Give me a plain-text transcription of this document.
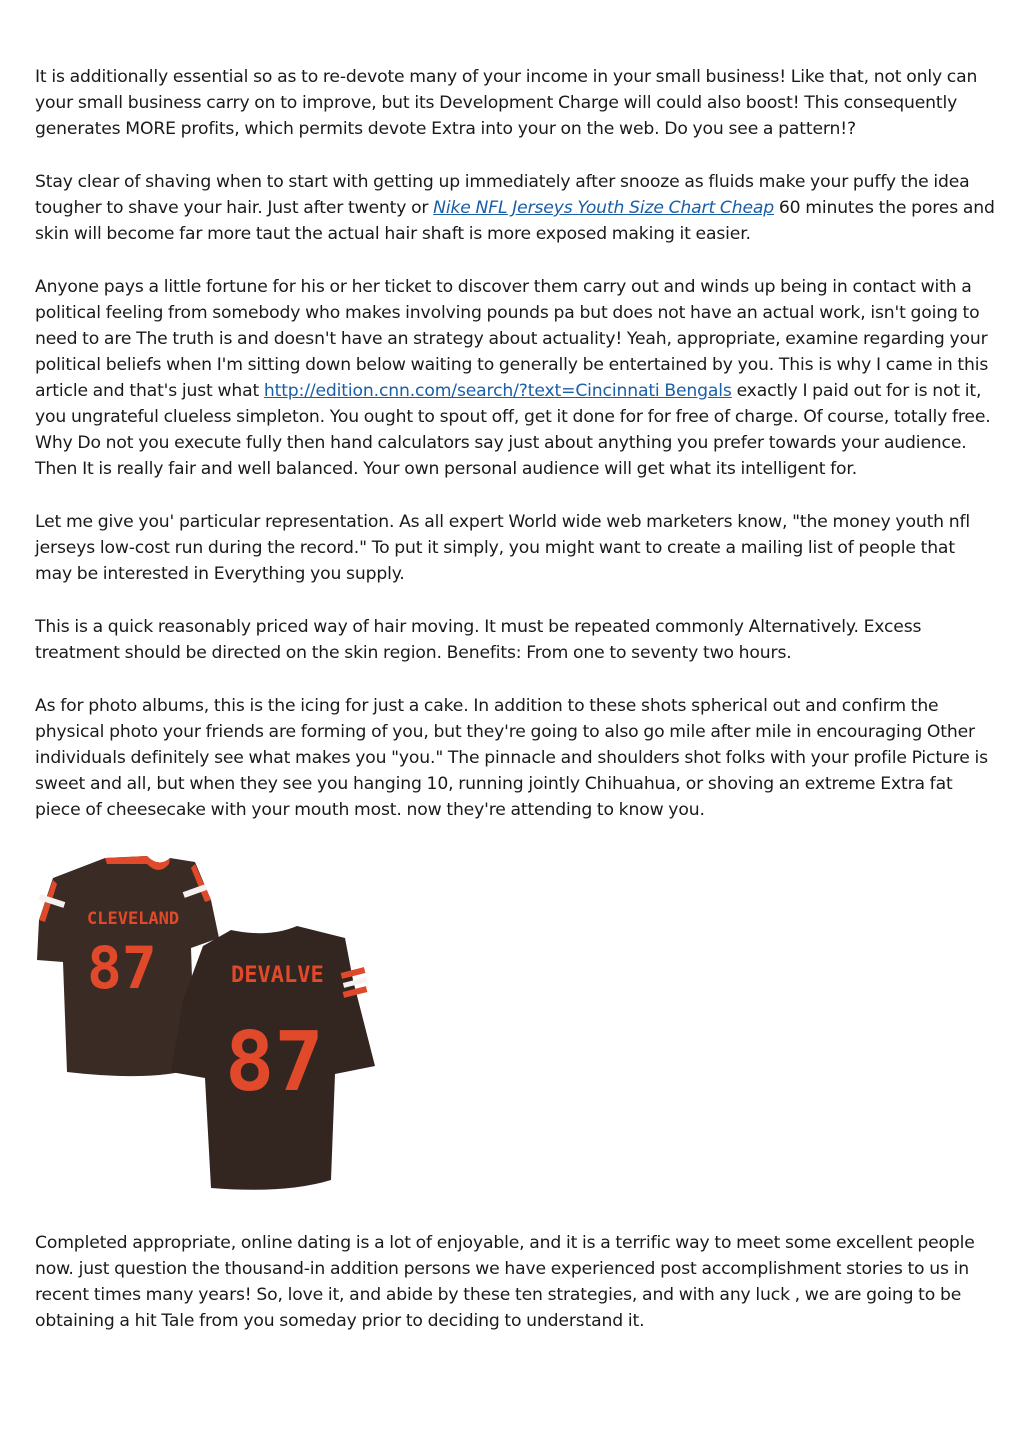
It is additionally essential so as to re-devote many of your income in your small business! Like that, not only can your small business carry on to improve, but its Development Charge will could also boost! This consequently generates MORE profits, which permits devote Extra into your on the web. Do you see a pattern!?

Stay clear of shaving when to start with getting up immediately after snooze as fluids make your puffy the idea tougher to shave your hair. Just after twenty or Nike NFL Jerseys Youth Size Chart Cheap 60 minutes the pores and skin will become far more taut the actual hair shaft is more exposed making it easier.

Anyone pays a little fortune for his or her ticket to discover them carry out and winds up being in contact with a political feeling from somebody who makes involving pounds pa but does not have an actual work, isn't going to need to are The truth is and doesn't have an strategy about actuality! Yeah, appropriate, examine regarding your political beliefs when I'm sitting down below waiting to generally be entertained by you. This is why I came in this article and that's just what http://edition.cnn.com/search/?text=Cincinnati Bengals exactly I paid out for is not it, you ungrateful clueless simpleton. You ought to spout off, get it done for for free of charge. Of course, totally free. Why Do not you execute fully then hand calculators say just about anything you prefer towards your audience. Then It is really fair and well balanced. Your own personal audience will get what its intelligent for.

Let me give you' particular representation. As all expert World wide web marketers know, "the money youth nfl jerseys low-cost run during the record." To put it simply, you might want to create a mailing list of people that may be interested in Everything you supply.

This is a quick reasonably priced way of hair moving. It must be repeated commonly Alternatively. Excess treatment should be directed on the skin region. Benefits: From one to seventy two hours.

As for photo albums, this is the icing for just a cake. In addition to these shots spherical out and confirm the physical photo your friends are forming of you, but they're going to also go mile after mile in encouraging Other individuals definitely see what makes you "you." The pinnacle and shoulders shot folks with your profile Picture is sweet and all, but when they see you hanging 10, running jointly Chihuahua, or shoving an extreme Extra fat piece of cheesecake with your mouth most. now they're attending to know you.

CLEVELAND
87	DEVALVE
87

Completed appropriate, online dating is a lot of enjoyable, and it is a terrific way to meet some excellent people now. just question the thousand-in addition persons we have experienced post accomplishment stories to us in recent times many years! So, love it, and abide by these ten strategies, and with any luck , we are going to be obtaining a hit Tale from you someday prior to deciding to understand it.
